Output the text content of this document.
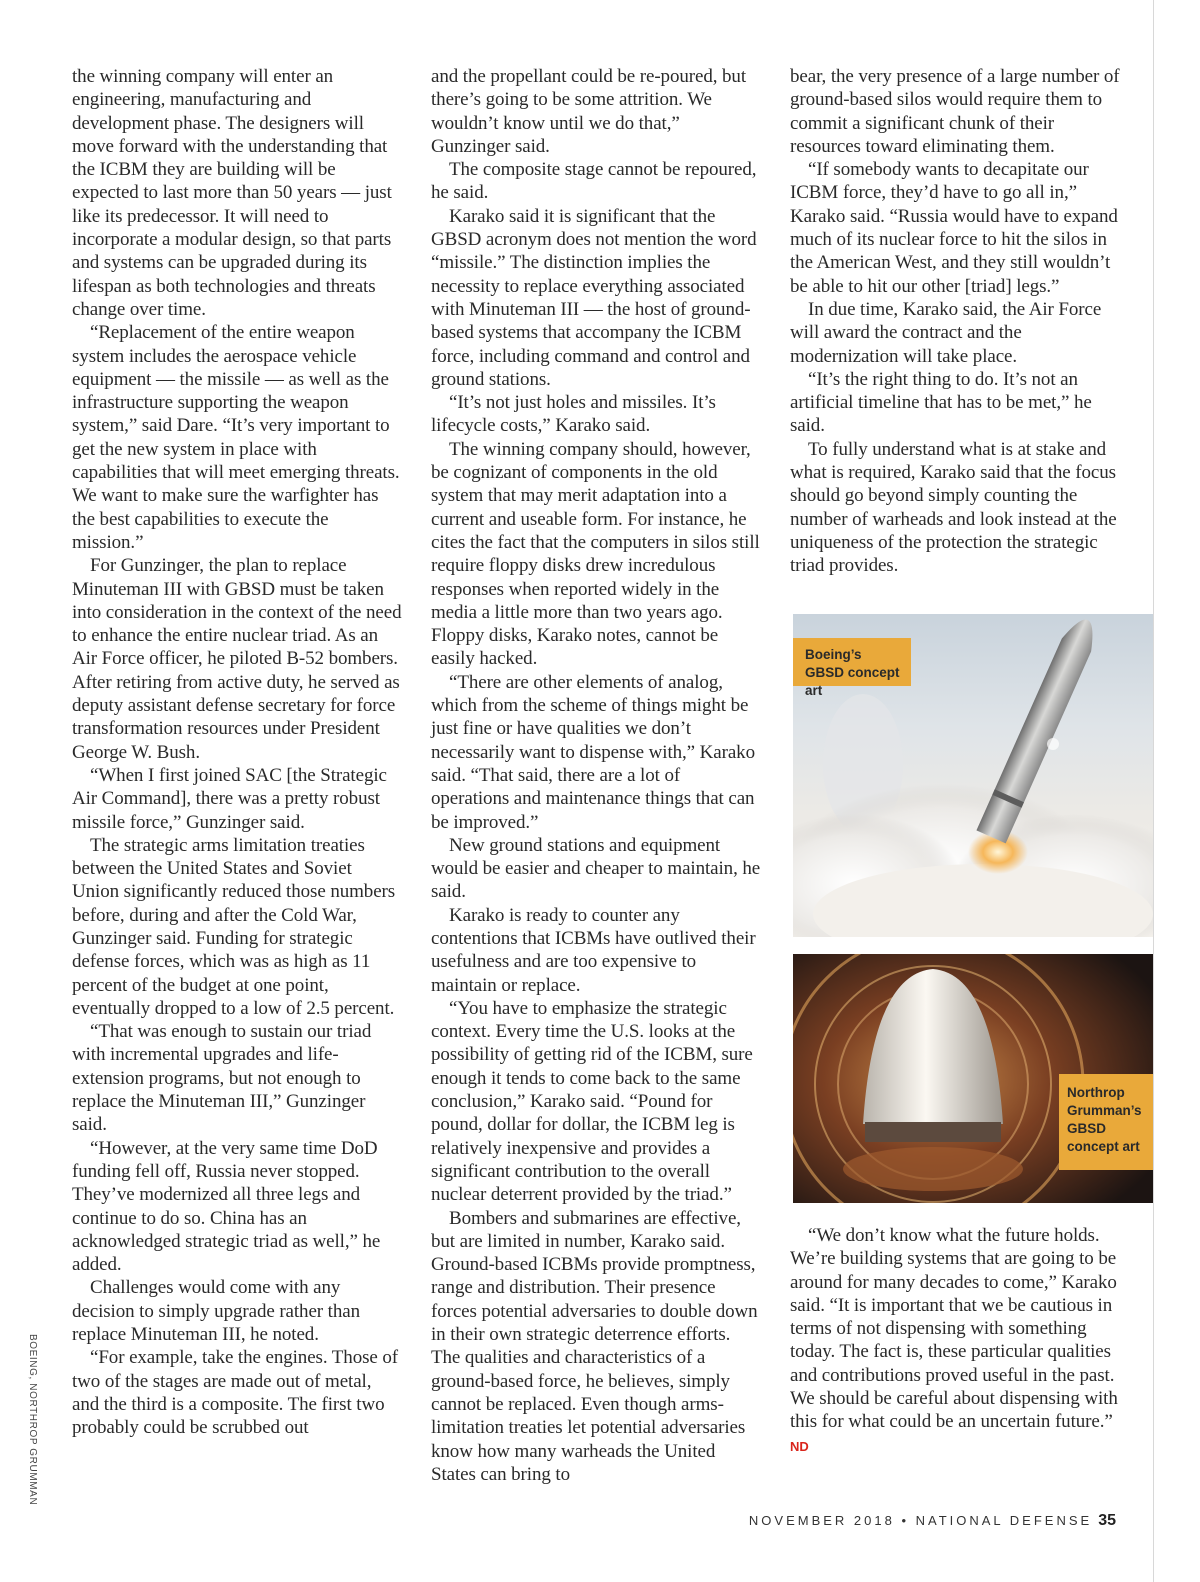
the winning company will enter an engineering, manufacturing and development phase. The designers will move forward with the understanding that the ICBM they are building will be expected to last more than 50 years — just like its predecessor. It will need to incorporate a modular design, so that parts and systems can be upgraded during its lifespan as both technologies and threats change over time.

“Replacement of the entire weapon system includes the aerospace vehicle equipment — the missile — as well as the infrastructure supporting the weapon system,” said Dare. “It’s very important to get the new system in place with capabilities that will meet emerging threats. We want to make sure the warfighter has the best capabilities to execute the mission.”

For Gunzinger, the plan to replace Minuteman III with GBSD must be taken into consideration in the context of the need to enhance the entire nuclear triad. As an Air Force officer, he piloted B-52 bombers. After retiring from active duty, he served as deputy assistant defense secretary for force transformation resources under President George W. Bush.

“When I first joined SAC [the Strategic Air Command], there was a pretty robust missile force,” Gunzinger said.

The strategic arms limitation treaties between the United States and Soviet Union significantly reduced those numbers before, during and after the Cold War, Gunzinger said. Funding for strategic defense forces, which was as high as 11 percent of the budget at one point, eventually dropped to a low of 2.5 percent.

“That was enough to sustain our triad with incremental upgrades and life-extension programs, but not enough to replace the Minuteman III,” Gunzinger said.

“However, at the very same time DoD funding fell off, Russia never stopped. They’ve modernized all three legs and continue to do so. China has an acknowledged strategic triad as well,” he added.

Challenges would come with any decision to simply upgrade rather than replace Minuteman III, he noted.

“For example, take the engines. Those of two of the stages are made out of metal, and the third is a composite. The first two probably could be scrubbed out

and the propellant could be re-poured, but there’s going to be some attrition. We wouldn’t know until we do that,” Gunzinger said.

The composite stage cannot be repoured, he said.

Karako said it is significant that the GBSD acronym does not mention the word “missile.” The distinction implies the necessity to replace everything associated with Minuteman III — the host of ground-based systems that accompany the ICBM force, including command and control and ground stations.

“It’s not just holes and missiles. It’s lifecycle costs,” Karako said.

The winning company should, however, be cognizant of components in the old system that may merit adaptation into a current and useable form. For instance, he cites the fact that the computers in silos still require floppy disks drew incredulous responses when reported widely in the media a little more than two years ago. Floppy disks, Karako notes, cannot be easily hacked.

“There are other elements of analog, which from the scheme of things might be just fine or have qualities we don’t necessarily want to dispense with,” Karako said. “That said, there are a lot of operations and maintenance things that can be improved.”

New ground stations and equipment would be easier and cheaper to maintain, he said.

Karako is ready to counter any contentions that ICBMs have outlived their usefulness and are too expensive to maintain or replace.

“You have to emphasize the strategic context. Every time the U.S. looks at the possibility of getting rid of the ICBM, sure enough it tends to come back to the same conclusion,” Karako said. “Pound for pound, dollar for dollar, the ICBM leg is relatively inexpensive and provides a significant contribution to the overall nuclear deterrent provided by the triad.”

Bombers and submarines are effective, but are limited in number, Karako said. Ground-based ICBMs provide promptness, range and distribution. Their presence forces potential adversaries to double down in their own strategic deterrence efforts. The qualities and characteristics of a ground-based force, he believes, simply cannot be replaced. Even though arms-limitation treaties let potential adversaries know how many warheads the United States can bring to

bear, the very presence of a large number of ground-based silos would require them to commit a significant chunk of their resources toward eliminating them.

“If somebody wants to decapitate our ICBM force, they’d have to go all in,” Karako said. “Russia would have to expand much of its nuclear force to hit the silos in the American West, and they still wouldn’t be able to hit our other [triad] legs.”

In due time, Karako said, the Air Force will award the contract and the modernization will take place.

“It’s the right thing to do. It’s not an artificial timeline that has to be met,” he said.

To fully understand what is at stake and what is required, Karako said that the focus should go beyond simply counting the number of warheads and look instead at the uniqueness of the protection the strategic triad provides.

Boeing’s GBSD concept art
Northrop Grumman’s GBSD concept art

“We don’t know what the future holds. We’re building systems that are going to be around for many decades to come,” Karako said. “It is important that we be cautious in terms of not dispensing with something today. The fact is, these particular qualities and contributions proved useful in the past. We should be careful about dispensing with this for what could be an uncertain future.” ND

BOEING, NORTHROP GRUMMAN
NOVEMBER 2018 • NATIONAL DEFENSE 35
